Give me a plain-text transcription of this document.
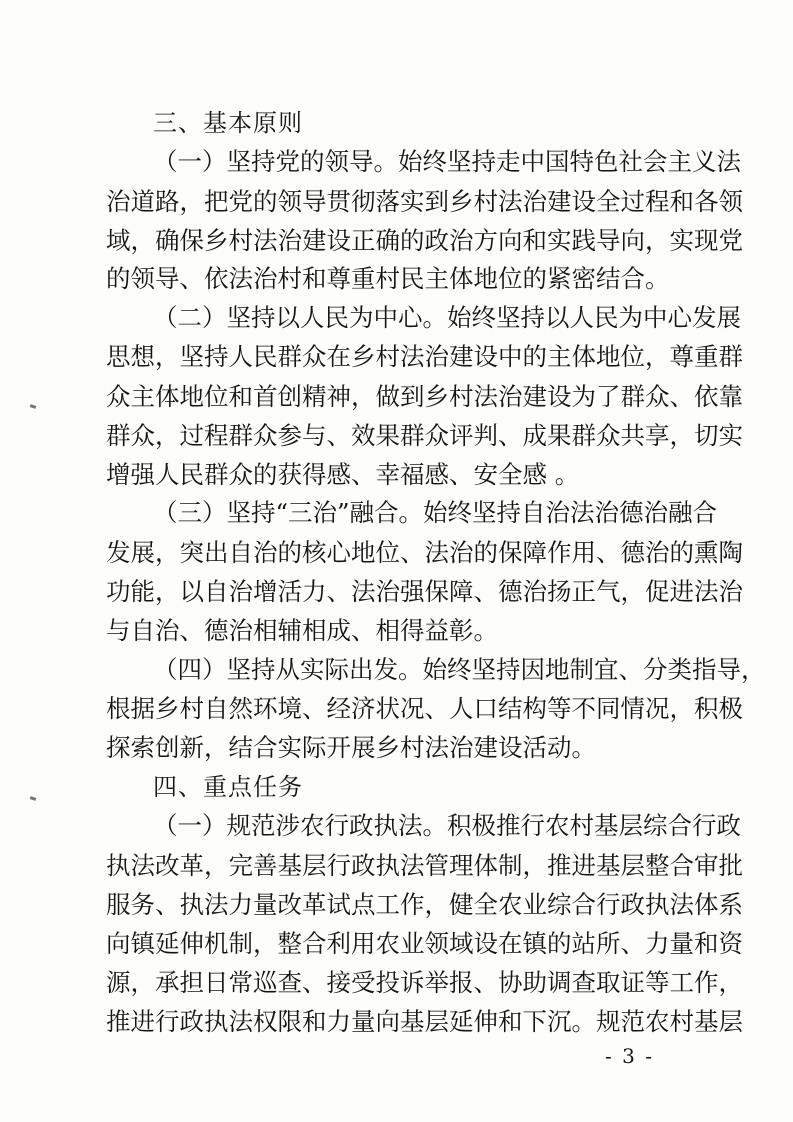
三、基本原则
（一）坚持党的领导。始终坚持走中国特色社会主义法
治道路，把党的领导贯彻落实到乡村法治建设全过程和各领
域，确保乡村法治建设正确的政治方向和实践导向，实现党
的领导、依法治村和尊重村民主体地位的紧密结合。
（二）坚持以人民为中心。始终坚持以人民为中心发展
思想，坚持人民群众在乡村法治建设中的主体地位，尊重群
众主体地位和首创精神，做到乡村法治建设为了群众、依靠
群众，过程群众参与、效果群众评判、成果群众共享，切实
增强人民群众的获得感、幸福感、安全感 。
（三）坚持“三治”融合。始终坚持自治法治德治融合
发展，突出自治的核心地位、法治的保障作用、德治的熏陶
功能，以自治增活力、法治强保障、德治扬正气，促进法治
与自治、德治相辅相成、相得益彰。
（四）坚持从实际出发。始终坚持因地制宜、分类指导，
根据乡村自然环境、经济状况、人口结构等不同情况，积极
探索创新，结合实际开展乡村法治建设活动。
四、重点任务
（一）规范涉农行政执法。积极推行农村基层综合行政
执法改革，完善基层行政执法管理体制，推进基层整合审批
服务、执法力量改革试点工作，健全农业综合行政执法体系
向镇延伸机制，整合利用农业领域设在镇的站所、力量和资
源，承担日常巡查、接受投诉举报、协助调查取证等工作，
推进行政执法权限和力量向基层延伸和下沉。规范农村基层
- 3 -
